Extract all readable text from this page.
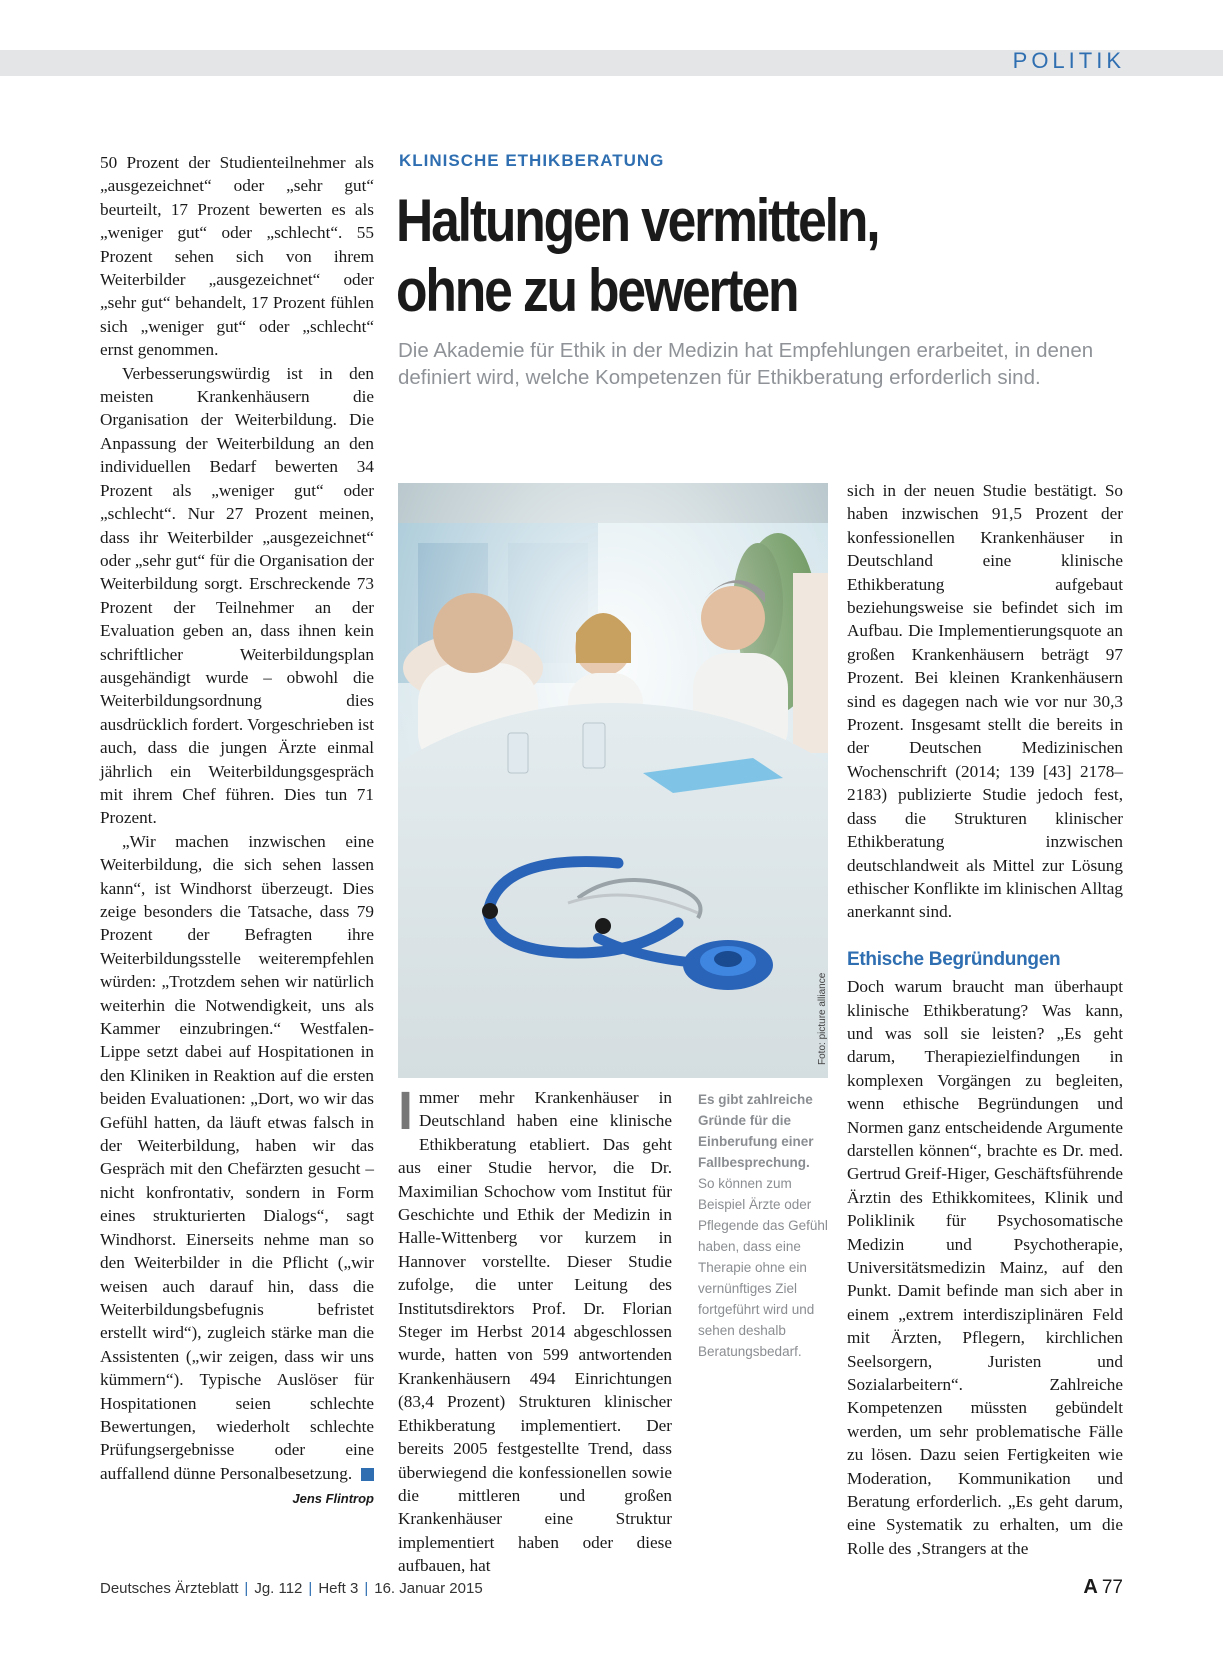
POLITIK

50 Prozent der Studienteilnehmer als „ausgezeichnet“ oder „sehr gut“ beurteilt, 17 Prozent bewerten es als „weniger gut“ oder „schlecht“. 55 Prozent sehen sich von ihrem Weiterbilder „ausgezeichnet“ oder „sehr gut“ behandelt, 17 Prozent fühlen sich „weniger gut“ oder „schlecht“ ernst genommen.

Verbesserungswürdig ist in den meisten Krankenhäusern die Organisation der Weiterbildung. Die Anpassung der Weiterbildung an den individuellen Bedarf bewerten 34 Prozent als „weniger gut“ oder „schlecht“. Nur 27 Prozent meinen, dass ihr Weiterbilder „ausgezeichnet“ oder „sehr gut“ für die Organisation der Weiterbildung sorgt. Erschreckende 73 Prozent der Teilnehmer an der Evaluation geben an, dass ihnen kein schriftlicher Weiterbildungsplan ausgehändigt wurde – obwohl die Weiterbildungsordnung dies ausdrücklich fordert. Vorgeschrieben ist auch, dass die jungen Ärzte einmal jährlich ein Weiterbildungsgespräch mit ihrem Chef führen. Dies tun 71 Prozent.

„Wir machen inzwischen eine Weiterbildung, die sich sehen lassen kann“, ist Windhorst überzeugt. Dies zeige besonders die Tatsache, dass 79 Prozent der Befragten ihre Weiterbildungsstelle weiterempfehlen würden: „Trotzdem sehen wir natürlich weiterhin die Notwendigkeit, uns als Kammer einzubringen.“ Westfalen-Lippe setzt dabei auf Hospitationen in den Kliniken in Reaktion auf die ersten beiden Evaluationen: „Dort, wo wir das Gefühl hatten, da läuft etwas falsch in der Weiterbildung, haben wir das Gespräch mit den Chefärzten gesucht – nicht konfrontativ, sondern in Form eines strukturierten Dialogs“, sagt Windhorst. Einerseits nehme man so den Weiterbilder in die Pflicht („wir weisen auch darauf hin, dass die Weiterbildungsbefugnis befristet erstellt wird“), zugleich stärke man die Assistenten („wir zeigen, dass wir uns kümmern“). Typische Auslöser für Hospitationen seien schlechte Bewertungen, wiederholt schlechte Prüfungsergebnisse oder eine auffallend dünne Personalbesetzung.

Jens Flintrop
KLINISCHE ETHIKBERATUNG
Haltungen vermitteln,
ohne zu bewerten

Die Akademie für Ethik in der Medizin hat Empfehlungen erarbeitet, in denen definiert wird, welche Kompetenzen für Ethikberatung erforderlich sind.

Foto: picture alliance

Immer mehr Krankenhäuser in Deutschland haben eine klinische Ethikberatung etabliert. Das geht aus einer Studie hervor, die Dr. Maximilian Schochow vom Institut für Geschichte und Ethik der Medizin in Halle-Wittenberg vor kurzem in Hannover vorstellte. Dieser Studie zufolge, die unter Leitung des Institutsdirektors Prof. Dr. Florian Steger im Herbst 2014 abgeschlossen wurde, hatten von 599 antwortenden Krankenhäusern 494 Einrichtungen (83,4 Prozent) Strukturen klinischer Ethikberatung implementiert. Der bereits 2005 festgestellte Trend, dass überwiegend die konfessionellen sowie die mittleren und großen Krankenhäuser eine Struktur implementiert haben oder diese aufbauen, hat

Es gibt zahlreiche Gründe für die Einberufung einer Fallbesprechung. So können zum Beispiel Ärzte oder Pflegende das Gefühl haben, dass eine Therapie ohne ein vernünftiges Ziel fortgeführt wird und sehen deshalb Beratungsbedarf.

sich in der neuen Studie bestätigt. So haben inzwischen 91,5 Prozent der konfessionellen Krankenhäuser in Deutschland eine klinische Ethikberatung aufgebaut beziehungsweise sie befindet sich im Aufbau. Die Implementierungsquote an großen Krankenhäusern beträgt 97 Prozent. Bei kleinen Krankenhäusern sind es dagegen nach wie vor nur 30,3 Prozent. Insgesamt stellt die bereits in der Deutschen Medizinischen Wochenschrift (2014; 139 [43] 2178–2183) publizierte Studie jedoch fest, dass die Strukturen klinischer Ethikberatung inzwischen deutschlandweit als Mittel zur Lösung ethischer Konflikte im klinischen Alltag anerkannt sind.

Ethische Begründungen

Doch warum braucht man überhaupt klinische Ethikberatung? Was kann, und was soll sie leisten? „Es geht darum, Therapiezielfindungen in komplexen Vorgängen zu begleiten, wenn ethische Begründungen und Normen ganz entscheidende Argumente darstellen können“, brachte es Dr. med. Gertrud Greif-Higer, Geschäftsführende Ärztin des Ethikkomitees, Klinik und Poliklinik für Psychosomatische Medizin und Psychotherapie, Universitätsmedizin Mainz, auf den Punkt. Damit befinde man sich aber in einem „extrem interdisziplinären Feld mit Ärzten, Pflegern, kirchlichen Seelsorgern, Juristen und Sozialarbeitern“. Zahlreiche Kompetenzen müssten gebündelt werden, um sehr problematische Fälle zu lösen. Dazu seien Fertigkeiten wie Moderation, Kommunikation und Beratung erforderlich. „Es geht darum, eine Systematik zu erhalten, um die Rolle des ‚Strangers at the

Deutsches Ärzteblatt | Jg. 112 | Heft 3 | 16. Januar 2015	A 77
